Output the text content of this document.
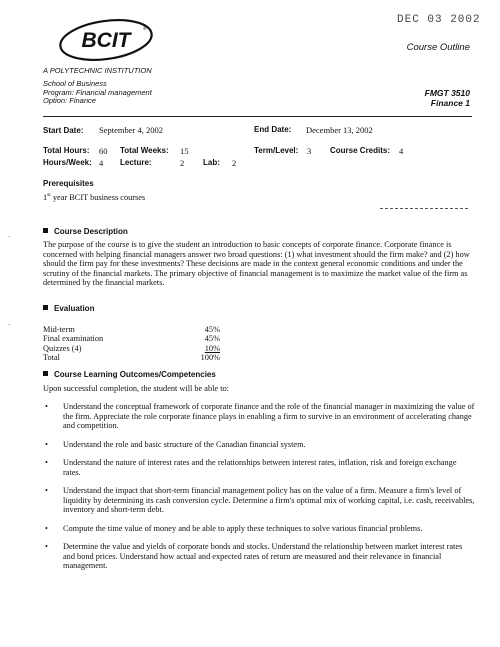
DEC 03 2002
BCIT	®
A POLYTECHNIC INSTITUTION
School of Business
Program: Financial management
Option: Finance
Course Outline
FMGT 3510
Finance 1
Start Date: September 4, 2002	End Date: December 13, 2002
Total Hours: 60 Total Weeks: 15	Term/Level: 3 Course Credits: 4
Hours/Week: 4 Lecture:	2 Lab: 2
Prerequisites
1st year BCIT business courses
Course Description
The purpose of the course is to give the student an introduction to basic concepts of corporate finance. Corporate finance is concerned with helping financial managers answer two broad questions: (1) what investment should the firm make? and (2) how should the firm pay for these investments? These decisions are made in the context general economic conditions and under the scrutiny of the financial markets. The primary objective of financial management is to maximize the market value of the firm as determined by the financial markets.
Evaluation
Mid-term	45%
Final examination	45%
Quizzes (4)	10%
Total	100%
Course Learning Outcomes/Competencies
Upon successful completion, the student will be able to:
• Understand the conceptual framework of corporate finance and the role of the financial manager in maximizing the value of the firm. Appreciate the role corporate finance plays in enabling a firm to survive in an environment of accelerating change and competition.
• Understand the role and basic structure of the Canadian financial system.
• Understand the nature of interest rates and the relationships between interest rates, inflation, risk and foreign exchange rates.
• Understand the impact that short-term financial management policy has on the value of a firm. Measure a firm's level of liquidity by determining its cash conversion cycle. Determine a firm's optimal mix of working capital, i.e. cash, receivables, inventory and short-term debt.
• Compute the time value of money and be able to apply these techniques to solve various financial problems.
• Determine the value and yields of corporate bonds and stocks. Understand the relationship between market interest rates and bond prices. Understand how actual and expected rates of return are measured and their relevance in financial management.
·
.
